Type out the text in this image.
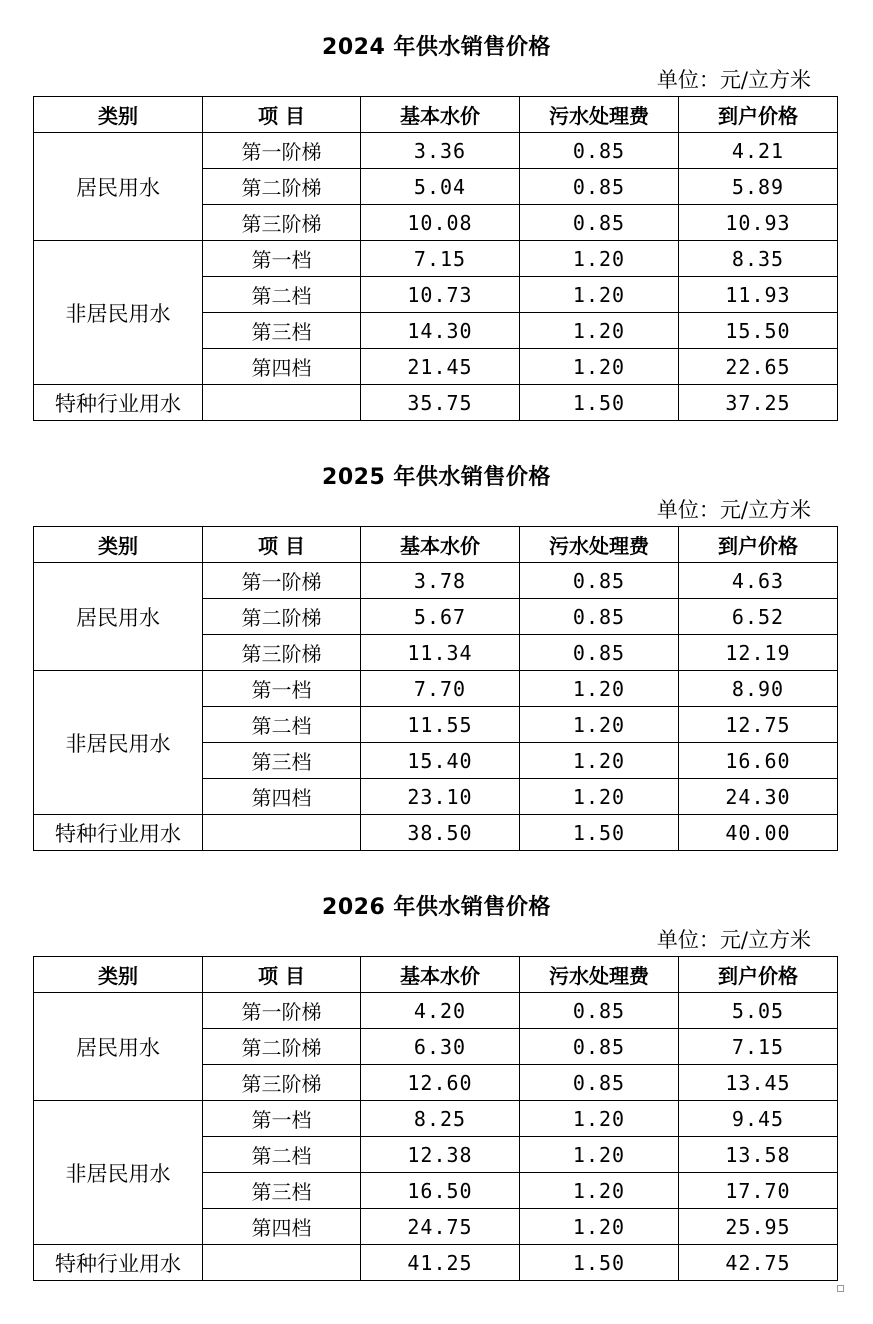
2024 年供水销售价格
单位：元/立方米
类别	项 目	基本水价	污水处理费	到户价格
居民用水	第一阶梯	3.36	0.85	4.21
	第二阶梯	5.04	0.85	5.89
	第三阶梯	10.08	0.85	10.93
非居民用水	第一档	7.15	1.20	8.35
	第二档	10.73	1.20	11.93
	第三档	14.30	1.20	15.50
	第四档	21.45	1.20	22.65
特种行业用水		35.75	1.50	37.25
2025 年供水销售价格
单位：元/立方米
类别	项 目	基本水价	污水处理费	到户价格
居民用水	第一阶梯	3.78	0.85	4.63
	第二阶梯	5.67	0.85	6.52
	第三阶梯	11.34	0.85	12.19
非居民用水	第一档	7.70	1.20	8.90
	第二档	11.55	1.20	12.75
	第三档	15.40	1.20	16.60
	第四档	23.10	1.20	24.30
特种行业用水		38.50	1.50	40.00
2026 年供水销售价格
单位：元/立方米
类别	项 目	基本水价	污水处理费	到户价格
居民用水	第一阶梯	4.20	0.85	5.05
	第二阶梯	6.30	0.85	7.15
	第三阶梯	12.60	0.85	13.45
非居民用水	第一档	8.25	1.20	9.45
	第二档	12.38	1.20	13.58
	第三档	16.50	1.20	17.70
	第四档	24.75	1.20	25.95
特种行业用水		41.25	1.50	42.75
